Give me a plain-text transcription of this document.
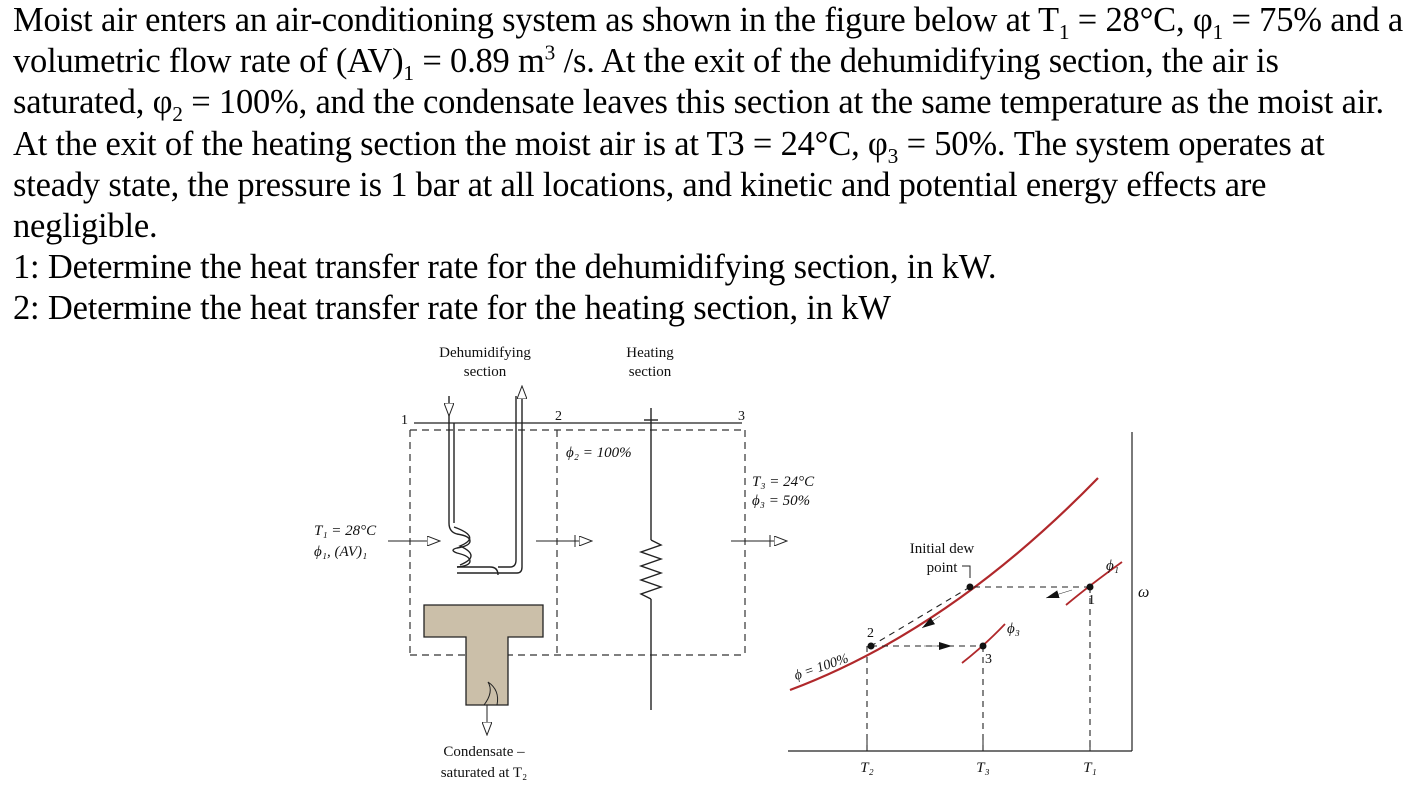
Moist air enters an air-conditioning system as shown in the figure below at $T_1 = 28^\circ C$, $\varphi_1 = 75\%$ and a volumetric flow rate of $(AV)_1 = 0.89$ $m^3$ /s. At the exit of the dehumidifying section, the air is saturated, $\varphi_2 = 100\%$, and the condensate leaves this section at the same temperature as the moist air. At the exit of the heating section the moist air is at T3 = 24°C, $\varphi_3 = 50\%$. The system operates at steady state, the pressure is 1 bar at all locations, and kinetic and potential energy effects are negligible.

1: Determine the heat transfer rate for the dehumidifying section, in kW.

2: Determine the heat transfer rate for the heating section, in kW

Dehumidifying
section
Heating
section
1	2	3
ϕ₂ = 100%
T₃ = 24°C
ϕ₃ = 50%
T₁ = 28°C
ϕ₁, (AV)₁
Condensate –
saturated at T₂
ϕ = 100%
Initial dew
point	ϕ₁
ϕ₃
ω
1
2
3
T₂	T₃	T₁
